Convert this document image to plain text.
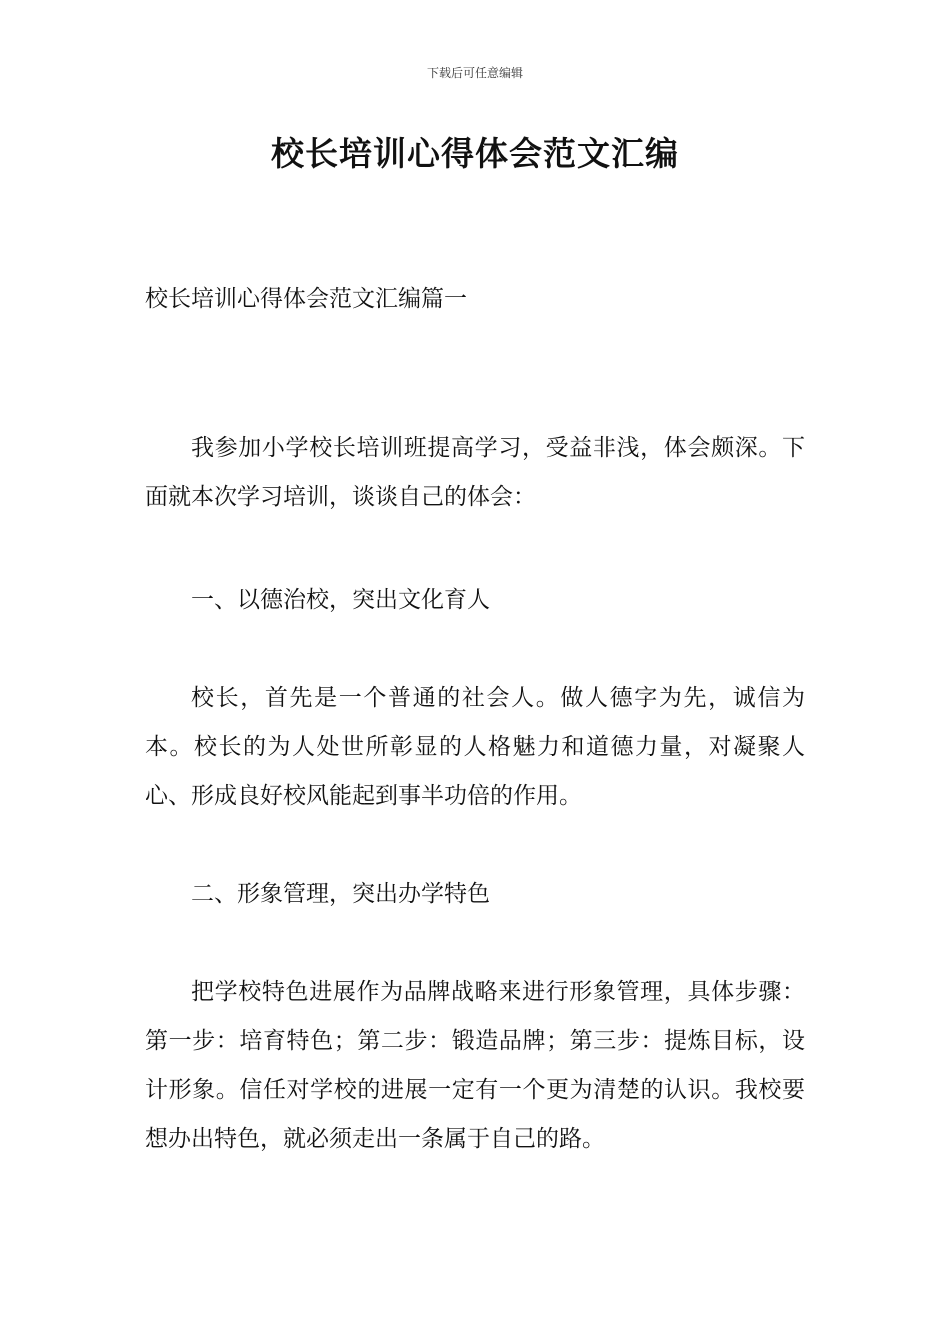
下载后可任意编辑
校长培训心得体会范文汇编
校长培训心得体会范文汇编篇一

我参加小学校长培训班提高学习，受益非浅，体会颇深。下面就本次学习培训，谈谈自己的体会：

一、以德治校，突出文化育人

校长，首先是一个普通的社会人。做人德字为先，诚信为本。校长的为人处世所彰显的人格魅力和道德力量，对凝聚人心、形成良好校风能起到事半功倍的作用。

二、形象管理，突出办学特色

把学校特色进展作为品牌战略来进行形象管理，具体步骤：第一步：培育特色；第二步：锻造品牌；第三步：提炼目标，设计形象。信任对学校的进展一定有一个更为清楚的认识。我校要想办出特色，就必须走出一条属于自己的路。
